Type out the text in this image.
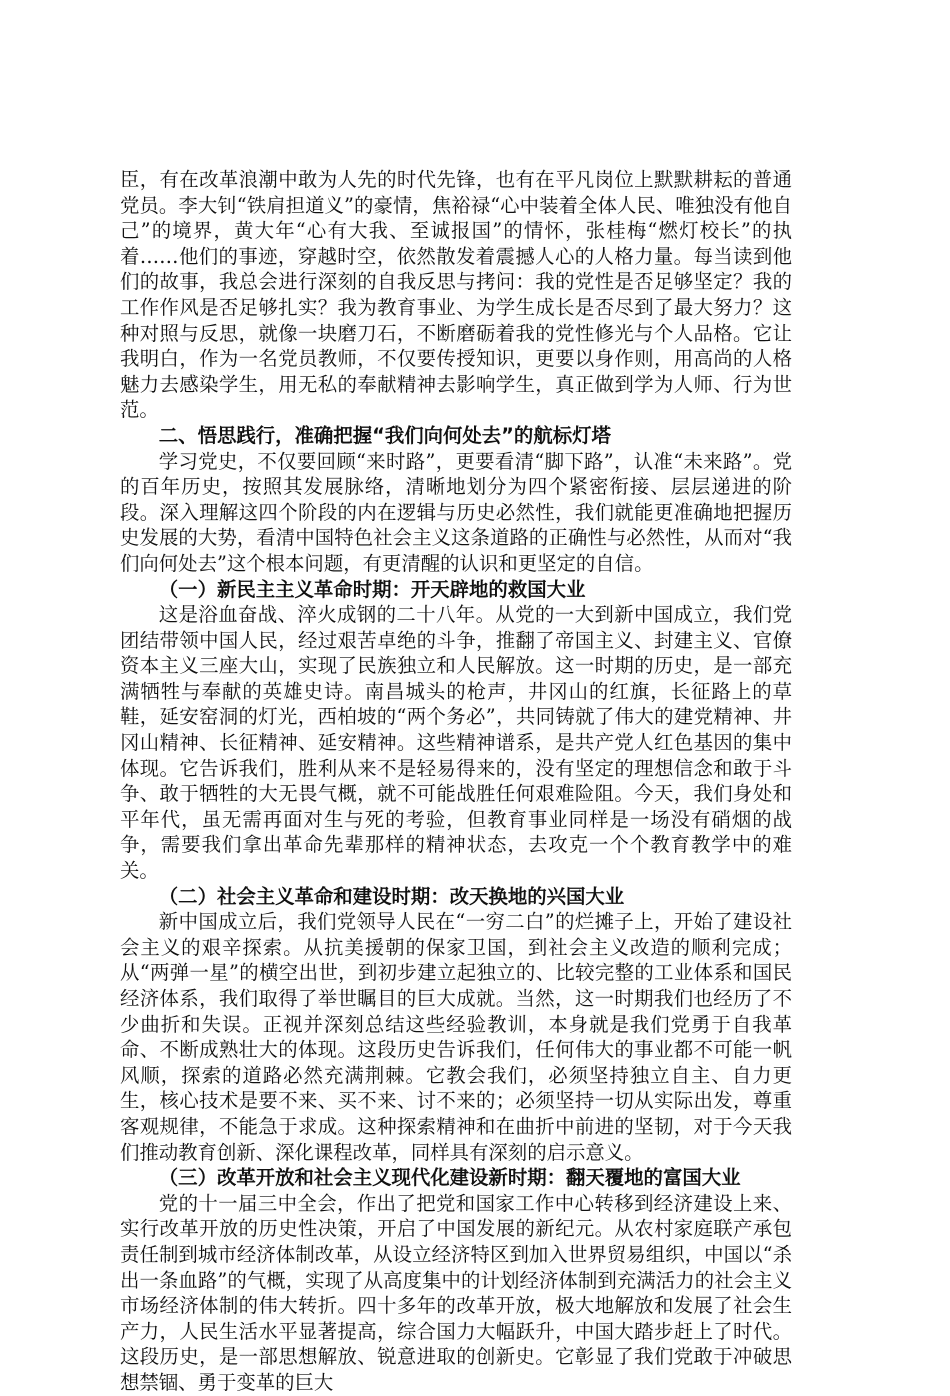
臣，有在改革浪潮中敢为人先的时代先锋，也有在平凡岗位上默默耕耘的普通党员。李大钊“铁肩担道义”的豪情，焦裕禄“心中装着全体人民、唯独没有他自己”的境界，黄大年“心有大我、至诚报国”的情怀，张桂梅“燃灯校长”的执着……他们的事迹，穿越时空，依然散发着震撼人心的人格力量。每当读到他们的故事，我总会进行深刻的自我反思与拷问：我的党性是否足够坚定？我的工作作风是否足够扎实？我为教育事业、为学生成长是否尽到了最大努力？这种对照与反思，就像一块磨刀石，不断磨砺着我的党性修光与个人品格。它让我明白，作为一名党员教师，不仅要传授知识，更要以身作则，用高尚的人格魅力去感染学生，用无私的奉献精神去影响学生，真正做到学为人师、行为世范。

二、悟思践行，准确把握“我们向何处去”的航标灯塔

学习党史，不仅要回顾“来时路”，更要看清“脚下路”，认准“未来路”。党的百年历史，按照其发展脉络，清晰地划分为四个紧密衔接、层层递进的阶段。深入理解这四个阶段的内在逻辑与历史必然性，我们就能更准确地把握历史发展的大势，看清中国特色社会主义这条道路的正确性与必然性，从而对“我们向何处去”这个根本问题，有更清醒的认识和更坚定的自信。

（一）新民主主义革命时期：开天辟地的救国大业

这是浴血奋战、淬火成钢的二十八年。从党的一大到新中国成立，我们党团结带领中国人民，经过艰苦卓绝的斗争，推翻了帝国主义、封建主义、官僚资本主义三座大山，实现了民族独立和人民解放。这一时期的历史，是一部充满牺牲与奉献的英雄史诗。南昌城头的枪声，井冈山的红旗，长征路上的草鞋，延安窑洞的灯光，西柏坡的“两个务必”，共同铸就了伟大的建党精神、井冈山精神、长征精神、延安精神。这些精神谱系，是共产党人红色基因的集中体现。它告诉我们，胜利从来不是轻易得来的，没有坚定的理想信念和敢于斗争、敢于牺牲的大无畏气概，就不可能战胜任何艰难险阻。今天，我们身处和平年代，虽无需再面对生与死的考验，但教育事业同样是一场没有硝烟的战争，需要我们拿出革命先辈那样的精神状态，去攻克一个个教育教学中的难关。

（二）社会主义革命和建设时期：改天换地的兴国大业

新中国成立后，我们党领导人民在“一穷二白”的烂摊子上，开始了建设社会主义的艰辛探索。从抗美援朝的保家卫国，到社会主义改造的顺利完成；从“两弹一星”的横空出世，到初步建立起独立的、比较完整的工业体系和国民经济体系，我们取得了举世瞩目的巨大成就。当然，这一时期我们也经历了不少曲折和失误。正视并深刻总结这些经验教训，本身就是我们党勇于自我革命、不断成熟壮大的体现。这段历史告诉我们，任何伟大的事业都不可能一帆风顺，探索的道路必然充满荆棘。它教会我们，必须坚持独立自主、自力更生，核心技术是要不来、买不来、讨不来的；必须坚持一切从实际出发，尊重客观规律，不能急于求成。这种探索精神和在曲折中前进的坚韧，对于今天我们推动教育创新、深化课程改革，同样具有深刻的启示意义。

（三）改革开放和社会主义现代化建设新时期：翻天覆地的富国大业

党的十一届三中全会，作出了把党和国家工作中心转移到经济建设上来、实行改革开放的历史性决策，开启了中国发展的新纪元。从农村家庭联产承包责任制到城市经济体制改革，从设立经济特区到加入世界贸易组织，中国以“杀出一条血路”的气概，实现了从高度集中的计划经济体制到充满活力的社会主义市场经济体制的伟大转折。四十多年的改革开放，极大地解放和发展了社会生产力，人民生活水平显著提高，综合国力大幅跃升，中国大踏步赶上了时代。这段历史，是一部思想解放、锐意进取的创新史。它彰显了我们党敢于冲破思想禁锢、勇于变革的巨大
